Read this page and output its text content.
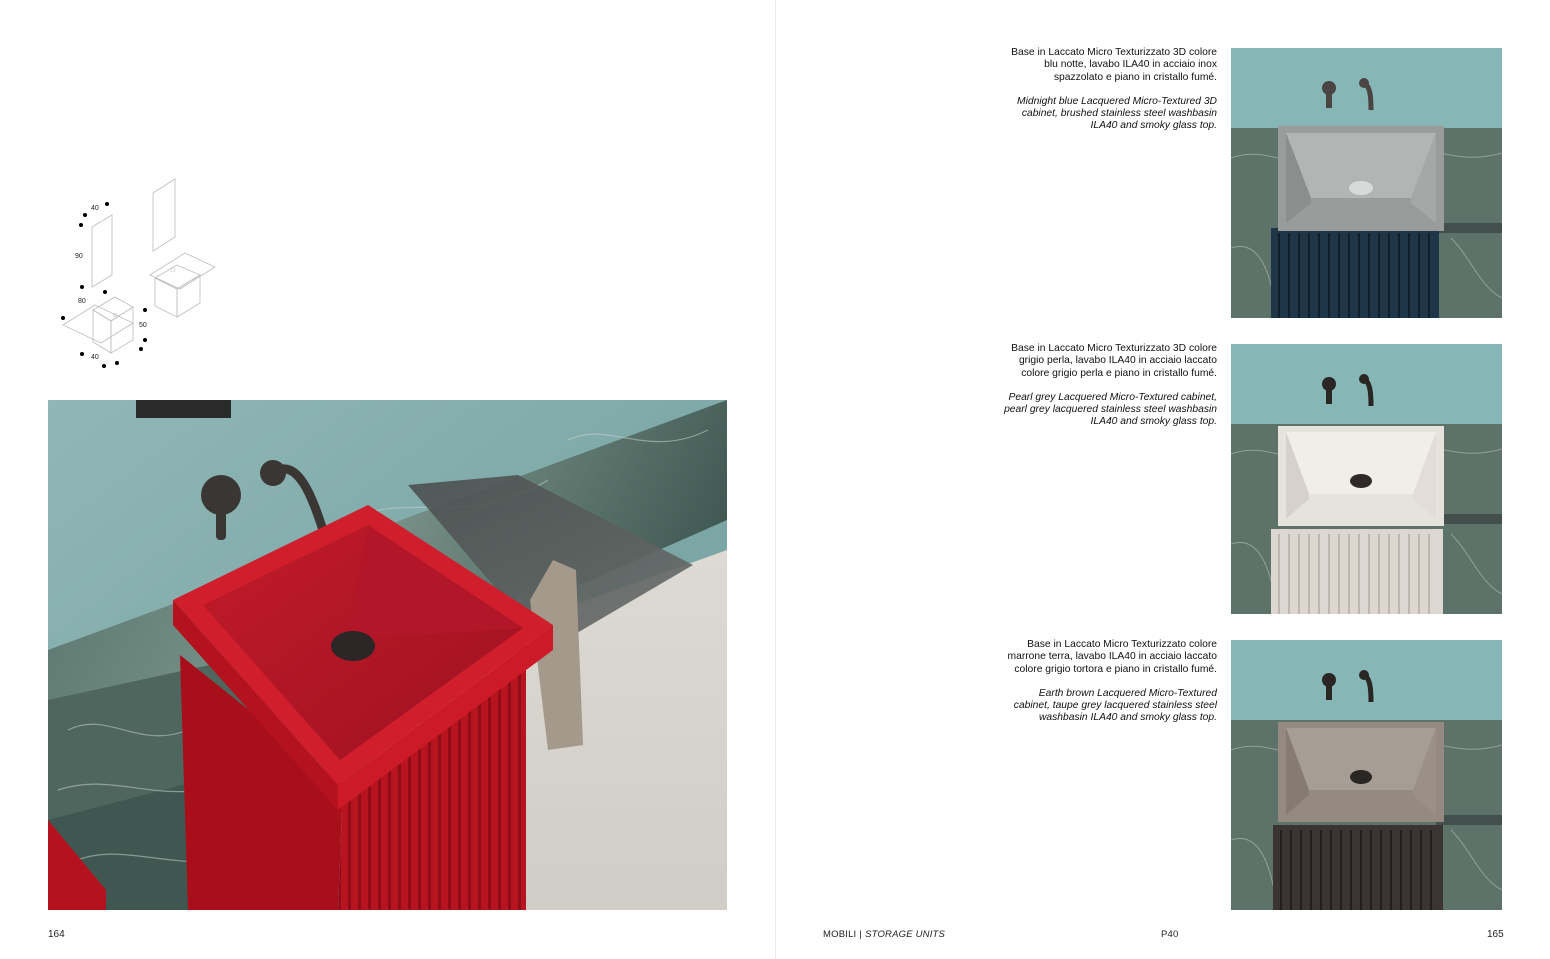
40
90
80
50
40
164
Base in Laccato Micro Texturizzato 3D colore blu notte, lavabo ILA40 in acciaio inox spazzolato e piano in cristallo fumé.
Midnight blue Lacquered Micro-Textured 3D cabinet, brushed stainless steel washbasin ILA40 and smoky glass top.
Base in Laccato Micro Texturizzato 3D colore grigio perla, lavabo ILA40 in acciaio laccato colore grigio perla e piano in cristallo fumé.
Pearl grey Lacquered Micro-Textured cabinet, pearl grey lacquered stainless steel washbasin ILA40 and smoky glass top.
Base in Laccato Micro Texturizzato colore marrone terra, lavabo ILA40 in acciaio laccato colore grigio tortora e piano in cristallo fumé.
Earth brown Lacquered Micro-Textured cabinet, taupe grey lacquered stainless steel washbasin ILA40 and smoky glass top.
MOBILI | STORAGE UNITS	P40	165
